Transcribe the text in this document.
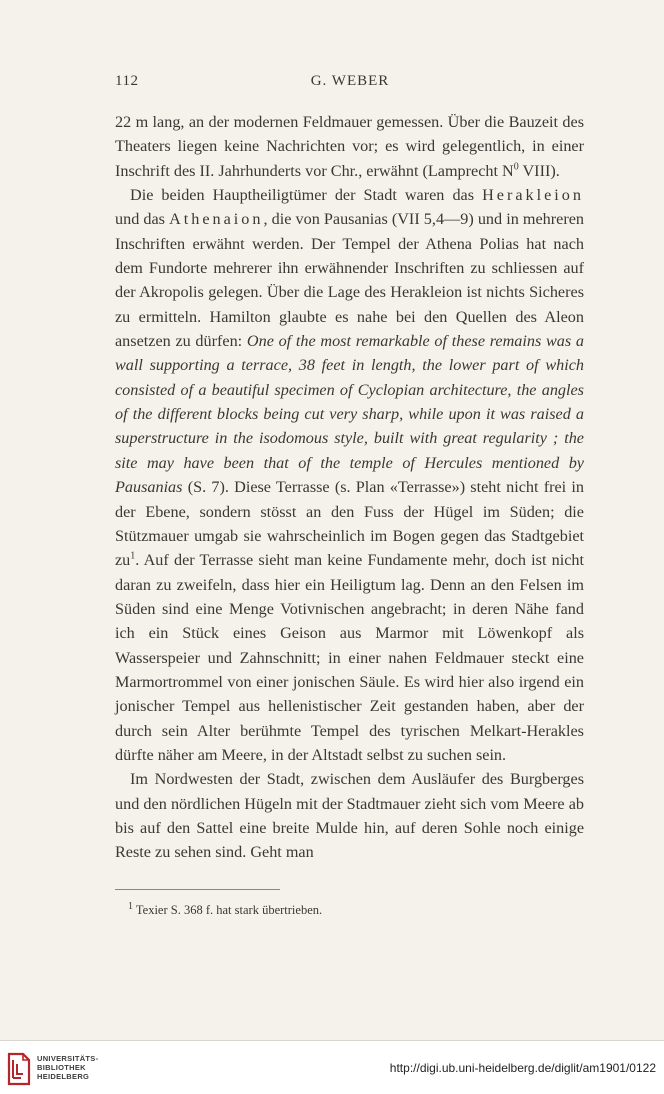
112	G. WEBER

22 m lang, an der modernen Feldmauer gemessen. Über die Bauzeit des Theaters liegen keine Nachrichten vor; es wird gelegentlich, in einer Inschrift des II. Jahrhunderts vor Chr., erwähnt (Lamprecht $N^0$ VIII).

Die beiden Hauptheiligtümer der Stadt waren das Herakleion und das Athenaion, die von Pausanias (VII 5,4—9) und in mehreren Inschriften erwähnt werden. Der Tempel der Athena Polias hat nach dem Fundorte mehrerer ihn erwähnender Inschriften zu schliessen auf der Akropolis gelegen. Über die Lage des Herakleion ist nichts Sicheres zu ermitteln. Hamilton glaubte es nahe bei den Quellen des Aleon ansetzen zu dürfen: One of the most remarkable of these remains was a wall supporting a terrace, 38 feet in length, the lower part of which consisted of a beautiful specimen of Cyclopian architecture, the angles of the different blocks being cut very sharp, while upon it was raised a superstructure in the isodomous style, built with great regularity ; the site may have been that of the temple of Hercules mentioned by Pausanias (S. 7). Diese Terrasse (s. Plan «Terrasse») steht nicht frei in der Ebene, sondern stösst an den Fuss der Hügel im Süden; die Stützmauer umgab sie wahrscheinlich im Bogen gegen das Stadtgebiet $zu^1$. Auf der Terrasse sieht man keine Fundamente mehr, doch ist nicht daran zu zweifeln, dass hier ein Heiligtum lag. Denn an den Felsen im Süden sind eine Menge Votivnischen angebracht; in deren Nähe fand ich ein Stück eines Geison aus Marmor mit Löwenkopf als Wasserspeier und Zahnschnitt; in einer nahen Feldmauer steckt eine Marmortrommel von einer jonischen Säule. Es wird hier also irgend ein jonischer Tempel aus hellenistischer Zeit gestanden haben, aber der durch sein Alter berühmte Tempel des tyrischen Melkart-Herakles dürfte näher am Meere, in der Altstadt selbst zu suchen sein.

Im Nordwesten der Stadt, zwischen dem Ausläufer des Burgberges und den nördlichen Hügeln mit der Stadtmauer zieht sich vom Meere ab bis auf den Sattel eine breite Mulde hin, auf deren Sohle noch einige Reste zu sehen sind. Geht man

$^1$ Texier S. 368 f. hat stark übertrieben.
UNIVERSITÄTS-
BIBLIOTHEK
HEIDELBERG
http://digi.ub.uni-heidelberg.de/diglit/am1901/0122
